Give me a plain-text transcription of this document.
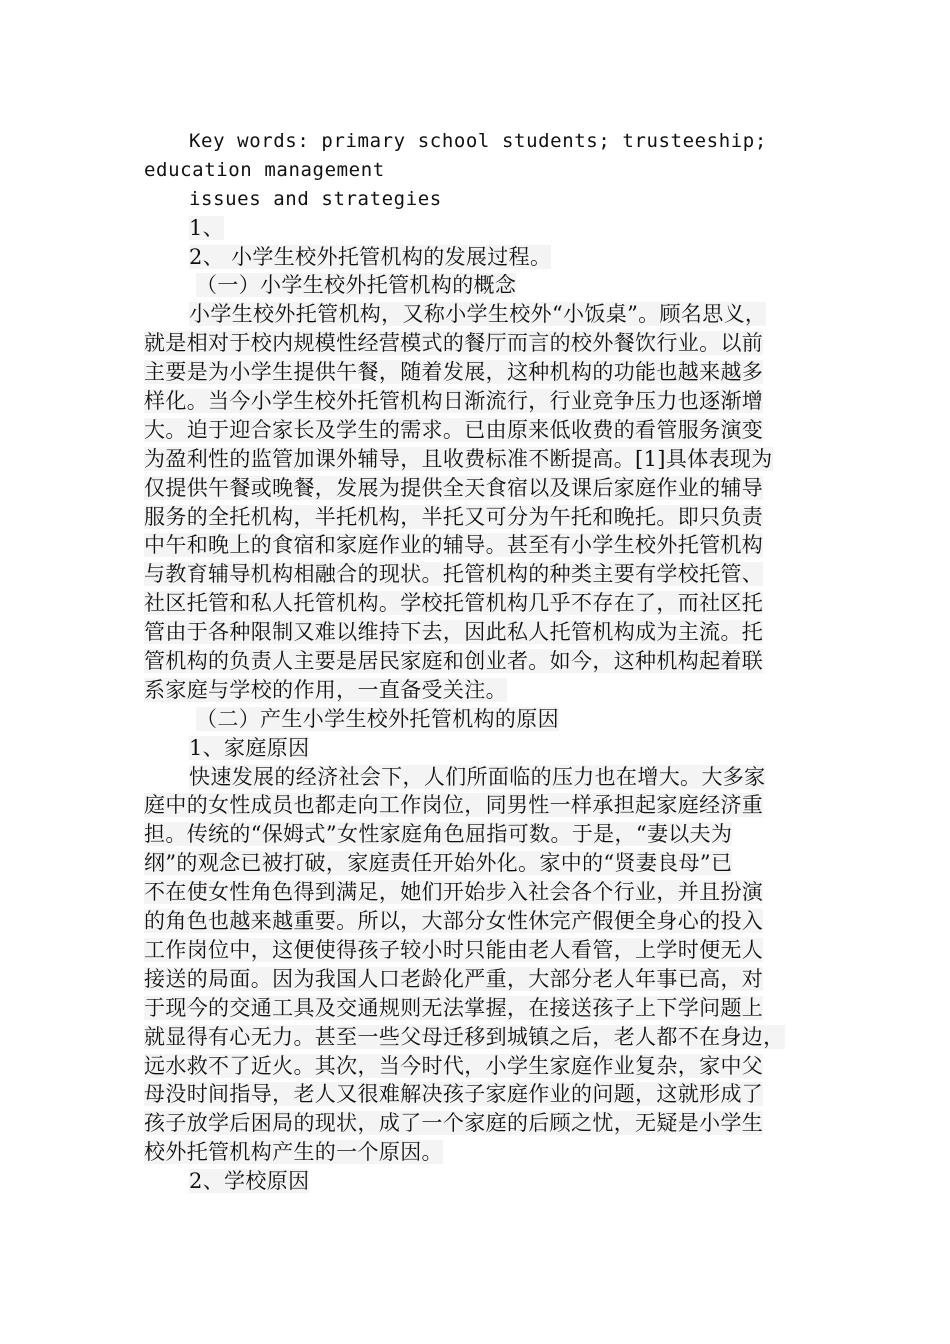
Key words: primary school students; trusteeship;
education management
issues and strategies
1、
2、 小学生校外托管机构的发展过程。
（一）小学生校外托管机构的概念
小学生校外托管机构，又称小学生校外“小饭桌”。顾名思义，
就是相对于校内规模性经营模式的餐厅而言的校外餐饮行业。以前
主要是为小学生提供午餐，随着发展，这种机构的功能也越来越多
样化。当今小学生校外托管机构日渐流行，行业竞争压力也逐渐增
大。迫于迎合家长及学生的需求。已由原来低收费的看管服务演变
为盈利性的监管加课外辅导，且收费标准不断提高。[1]具体表现为
仅提供午餐或晚餐，发展为提供全天食宿以及课后家庭作业的辅导
服务的全托机构，半托机构，半托又可分为午托和晚托。即只负责
中午和晚上的食宿和家庭作业的辅导。甚至有小学生校外托管机构
与教育辅导机构相融合的现状。托管机构的种类主要有学校托管、
社区托管和私人托管机构。学校托管机构几乎不存在了，而社区托
管由于各种限制又难以维持下去，因此私人托管机构成为主流。托
管机构的负责人主要是居民家庭和创业者。如今，这种机构起着联
系家庭与学校的作用，一直备受关注。
（二）产生小学生校外托管机构的原因
1、家庭原因
快速发展的经济社会下，人们所面临的压力也在增大。大多家
庭中的女性成员也都走向工作岗位，同男性一样承担起家庭经济重
担。传统的“保姆式”女性家庭角色屈指可数。于是，“妻以夫为
纲”的观念已被打破，家庭责任开始外化。家中的“贤妻良母”已
不在使女性角色得到满足，她们开始步入社会各个行业，并且扮演
的角色也越来越重要。所以，大部分女性休完产假便全身心的投入
工作岗位中，这便使得孩子较小时只能由老人看管，上学时便无人
接送的局面。因为我国人口老龄化严重，大部分老人年事已高，对
于现今的交通工具及交通规则无法掌握，在接送孩子上下学问题上
就显得有心无力。甚至一些父母迁移到城镇之后，老人都不在身边，
远水救不了近火。其次，当今时代，小学生家庭作业复杂，家中父
母没时间指导，老人又很难解决孩子家庭作业的问题，这就形成了
孩子放学后困局的现状，成了一个家庭的后顾之忧，无疑是小学生
校外托管机构产生的一个原因。
2、学校原因
